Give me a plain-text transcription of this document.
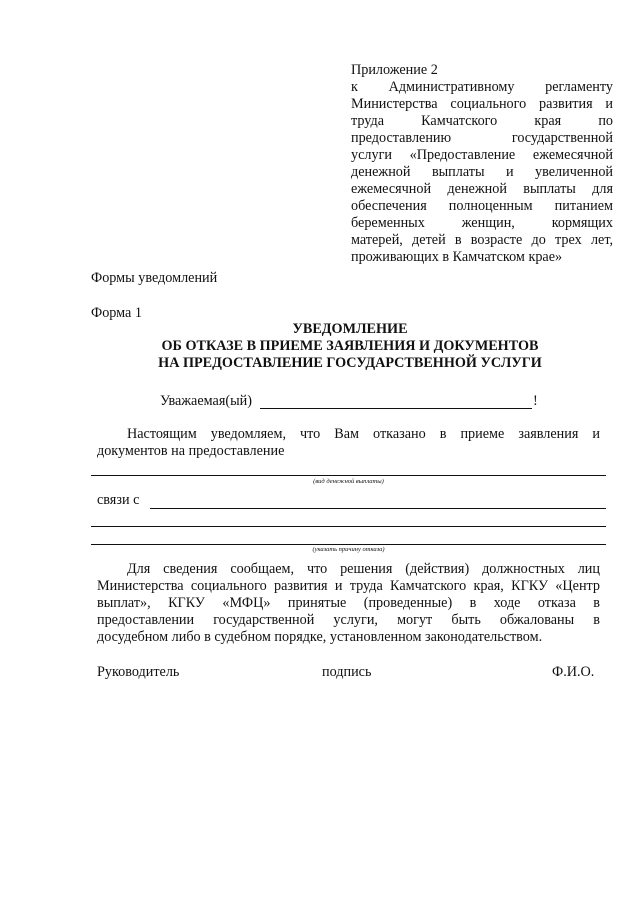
Приложение 2
к Административному регламенту
Министерства социального развития и
труда	Камчатского	края	по
предоставлению	государственной
услуги «Предоставление ежемесячной
денежной выплаты и увеличенной
ежемесячной денежной выплаты для
обеспечения полноценным питанием
беременных	женщин,	кормящих
матерей, детей в возрасте до трех лет,
проживающих в Камчатском крае»
Формы уведомлений
Форма 1
УВЕДОМЛЕНИЕ
ОБ ОТКАЗЕ В ПРИЕМЕ ЗАЯВЛЕНИЯ И ДОКУМЕНТОВ
НА ПРЕДОСТАВЛЕНИЕ ГОСУДАРСТВЕННОЙ УСЛУГИ
Уважаемая(ый)	!
Настоящим уведомляем, что Вам отказано в приеме заявления и
документов на предоставление
(вид денежной выплаты)
связи с
(указать причину отказа)
Для сведения сообщаем, что решения (действия) должностных лиц
Министерства социального развития и труда Камчатского края, КГКУ «Центр
выплат», КГКУ «МФЦ» принятые (проведенные) в ходе отказа в
предоставлении государственной услуги, могут быть обжалованы в
досудебном либо в судебном порядке, установленном законодательством.
Руководитель	подпись	Ф.И.О.
